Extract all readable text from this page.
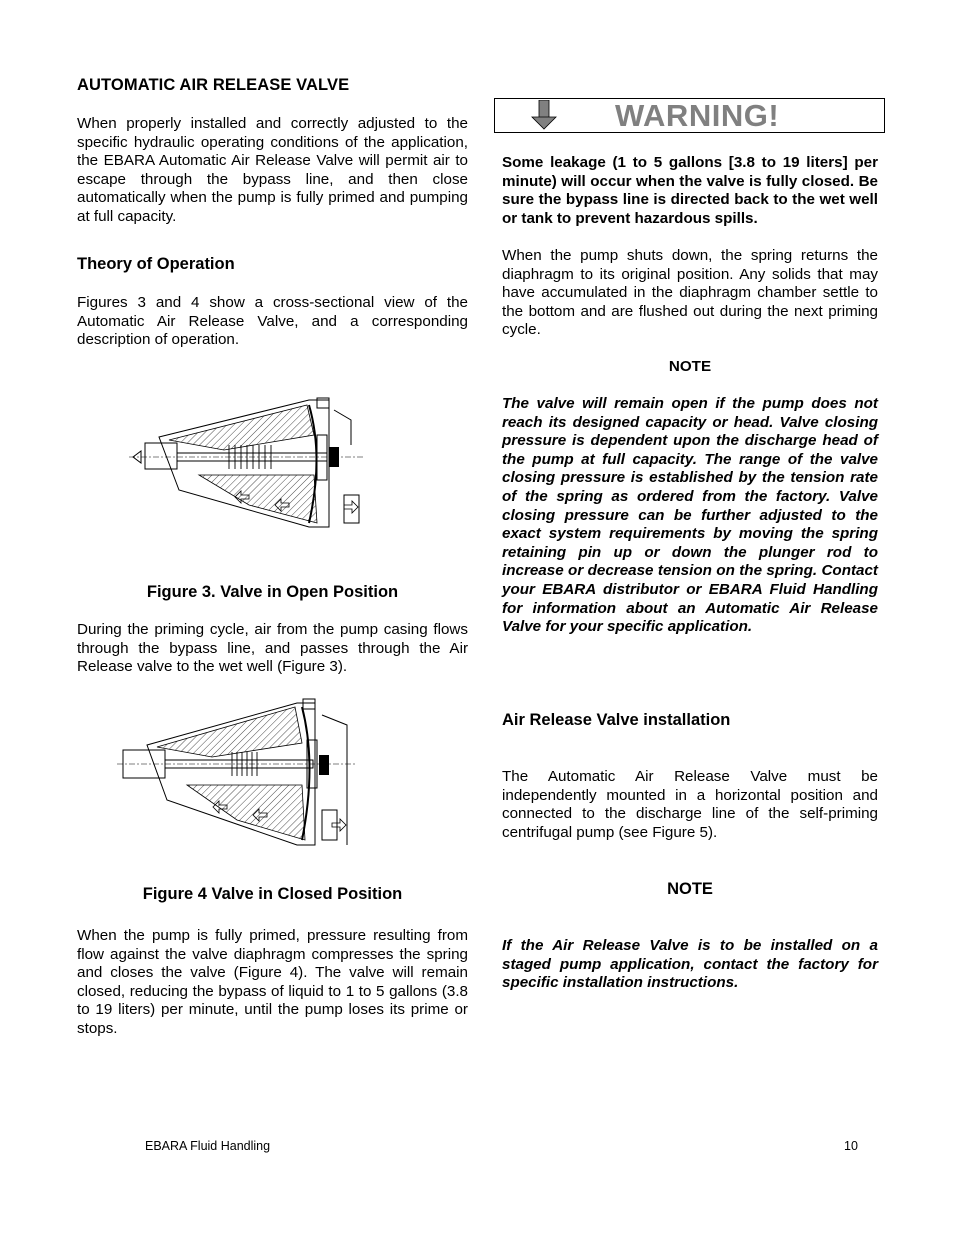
AUTOMATIC AIR RELEASE VALVE

When properly installed and correctly adjusted to the specific hydraulic operating conditions of the application, the EBARA Automatic Air Release Valve will permit air to escape through the bypass line, and then close automatically when the pump is fully primed and pumping at full capacity.

Theory of Operation

Figures 3 and 4 show a cross-sectional view of the Automatic Air Release Valve, and a corresponding description of operation.

Figure 3. Valve in Open Position

During the priming cycle, air from the pump casing flows through the bypass line, and passes through the Air Release valve to the wet well (Figure 3).

Figure 4 Valve in Closed Position

When the pump is fully primed, pressure resulting from flow against the valve diaphragm compresses the spring and closes the valve (Figure 4). The valve will remain closed, reducing the bypass of liquid to 1 to 5 gallons (3.8 to 19 liters) per minute, until the pump loses its prime or stops.

WARNING!

Some leakage (1 to 5 gallons [3.8 to 19 liters] per minute) will occur when the valve is fully closed. Be sure the bypass line is directed back to the wet well or tank to prevent hazardous spills.

When the pump shuts down, the spring returns the diaphragm to its original position. Any solids that may have accumulated in the diaphragm chamber settle to the bottom and are flushed out during the next priming cycle.

NOTE

The valve will remain open if the pump does not reach its designed capacity or head. Valve closing pressure is dependent upon the discharge head of the pump at full capacity. The range of the valve closing pressure is established by the tension rate of the spring as ordered from the factory. Valve closing pressure can be further adjusted to the exact system requirements by moving the spring retaining pin up or down the plunger rod to increase or decrease tension on the spring. Contact your EBARA distributor or EBARA Fluid Handling for information about an Automatic Air Release Valve for your specific application.

Air Release Valve installation

The Automatic Air Release Valve must be independently mounted in a horizontal position and connected to the discharge line of the self-priming centrifugal pump (see Figure 5).

NOTE

If the Air Release Valve is to be installed on a staged pump application, contact the factory for specific installation instructions.

EBARA Fluid Handling	10
